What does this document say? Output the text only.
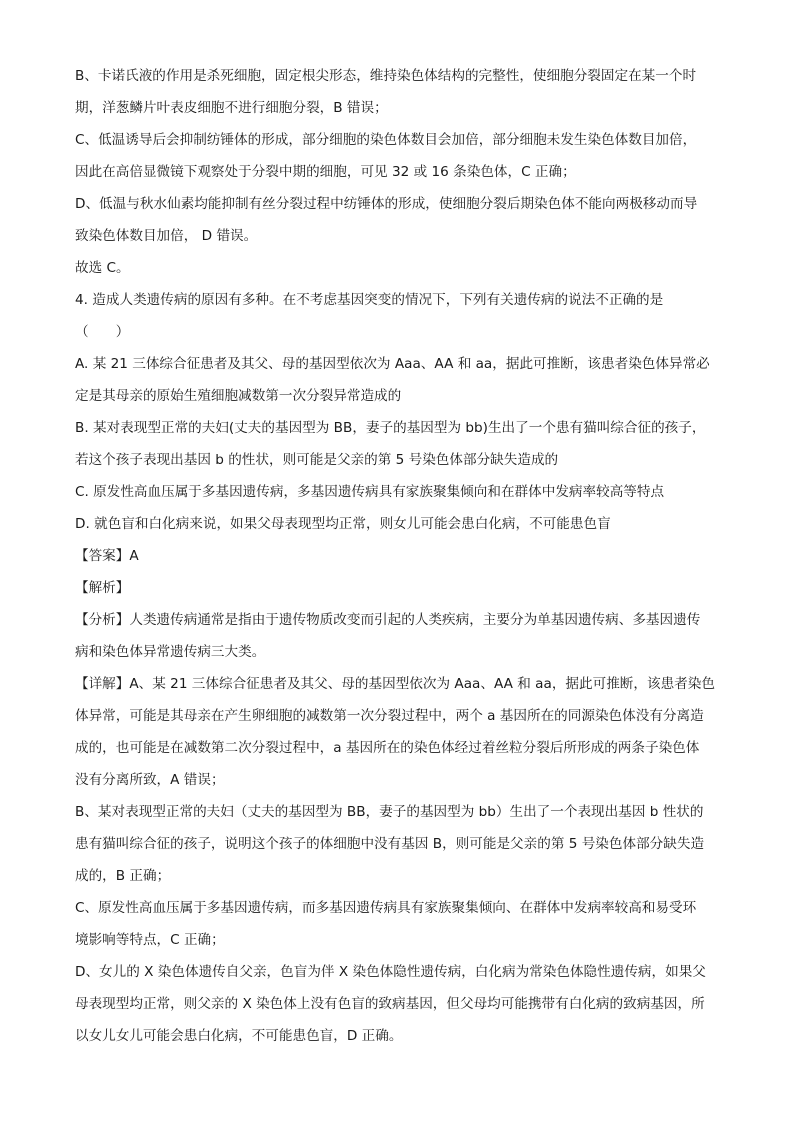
B、卡诺氏液的作用是杀死细胞，固定根尖形态，维持染色体结构的完整性，使细胞分裂固定在某一个时
期，洋葱鳞片叶表皮细胞不进行细胞分裂，B 错误；
C、低温诱导后会抑制纺锤体的形成，部分细胞的染色体数目会加倍，部分细胞未发生染色体数目加倍，
因此在高倍显微镜下观察处于分裂中期的细胞，可见 32 或 16 条染色体，C 正确；
D、低温与秋水仙素均能抑制有丝分裂过程中纺锤体的形成，使细胞分裂后期染色体不能向两极移动而导
致染色体数目加倍， D 错误。
故选 C。
4. 造成人类遗传病的原因有多种。在不考虑基因突变的情况下，下列有关遗传病的说法不正确的是
（　　）
A. 某 21 三体综合征患者及其父、母的基因型依次为 Aaa、AA 和 aa，据此可推断，该患者染色体异常必
定是其母亲的原始生殖细胞减数第一次分裂异常造成的
B. 某对表现型正常的夫妇(丈夫的基因型为 BB，妻子的基因型为 bb)生出了一个患有猫叫综合征的孩子，
若这个孩子表现出基因 b 的性状，则可能是父亲的第 5 号染色体部分缺失造成的
C. 原发性高血压属于多基因遗传病，多基因遗传病具有家族聚集倾向和在群体中发病率较高等特点
D. 就色盲和白化病来说，如果父母表现型均正常，则女儿可能会患白化病，不可能患色盲
【答案】A
【解析】
【分析】人类遗传病通常是指由于遗传物质改变而引起的人类疾病，主要分为单基因遗传病、多基因遗传
病和染色体异常遗传病三大类。
【详解】A、某 21 三体综合征患者及其父、母的基因型依次为 Aaa、AA 和 aa，据此可推断，该患者染色
体异常，可能是其母亲在产生卵细胞的减数第一次分裂过程中，两个 a 基因所在的同源染色体没有分离造
成的，也可能是在减数第二次分裂过程中，a 基因所在的染色体经过着丝粒分裂后所形成的两条子染色体
没有分离所致，A 错误；
B、某对表现型正常的夫妇（丈夫的基因型为 BB，妻子的基因型为 bb）生出了一个表现出基因 b 性状的
患有猫叫综合征的孩子，说明这个孩子的体细胞中没有基因 B，则可能是父亲的第 5 号染色体部分缺失造
成的，B 正确；
C、原发性高血压属于多基因遗传病，而多基因遗传病具有家族聚集倾向、在群体中发病率较高和易受环
境影响等特点，C 正确；
D、女儿的 X 染色体遗传自父亲，色盲为伴 X 染色体隐性遗传病，白化病为常染色体隐性遗传病，如果父
母表现型均正常，则父亲的 X 染色体上没有色盲的致病基因，但父母均可能携带有白化病的致病基因，所
以女儿女儿可能会患白化病，不可能患色盲，D 正确。
